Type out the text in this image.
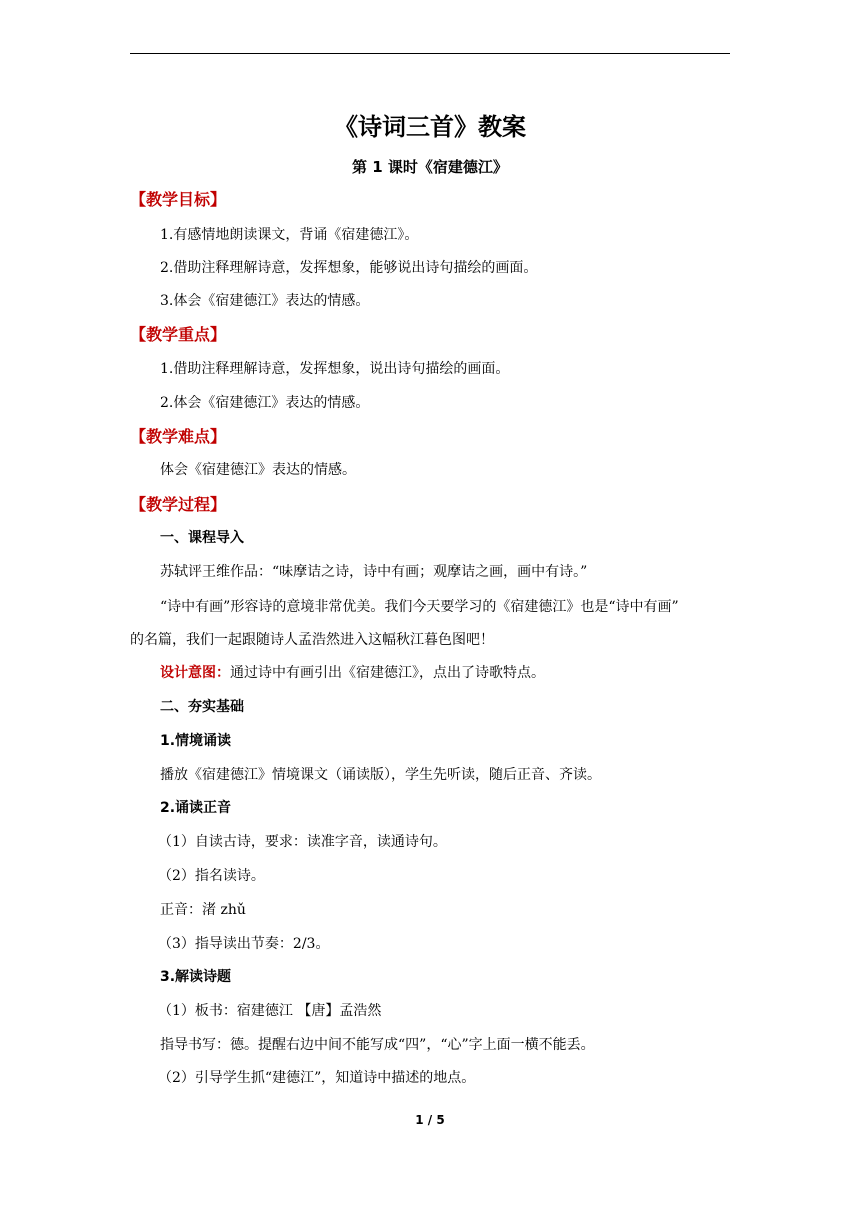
《诗词三首》教案
第 1 课时《宿建德江》
【教学目标】
1.有感情地朗读课文，背诵《宿建德江》。
2.借助注释理解诗意，发挥想象，能够说出诗句描绘的画面。
3.体会《宿建德江》表达的情感。
【教学重点】
1.借助注释理解诗意，发挥想象，说出诗句描绘的画面。
2.体会《宿建德江》表达的情感。
【教学难点】
体会《宿建德江》表达的情感。
【教学过程】
一、课程导入
苏轼评王维作品：“味摩诘之诗，诗中有画；观摩诘之画，画中有诗。”
“诗中有画”形容诗的意境非常优美。我们今天要学习的《宿建德江》也是“诗中有画”
的名篇，我们一起跟随诗人孟浩然进入这幅秋江暮色图吧！
设计意图：通过诗中有画引出《宿建德江》，点出了诗歌特点。
二、夯实基础
1.情境诵读
播放《宿建德江》情境课文（诵读版），学生先听读，随后正音、齐读。
2.诵读正音
（1）自读古诗，要求：读准字音，读通诗句。
（2）指名读诗。
正音：渚 zhǔ
（3）指导读出节奏：2/3。
3.解读诗题
（1）板书：宿建德江 【唐】孟浩然
指导书写：德。提醒右边中间不能写成“四”，“心”字上面一横不能丢。
（2）引导学生抓“建德江”，知道诗中描述的地点。
1 / 5
